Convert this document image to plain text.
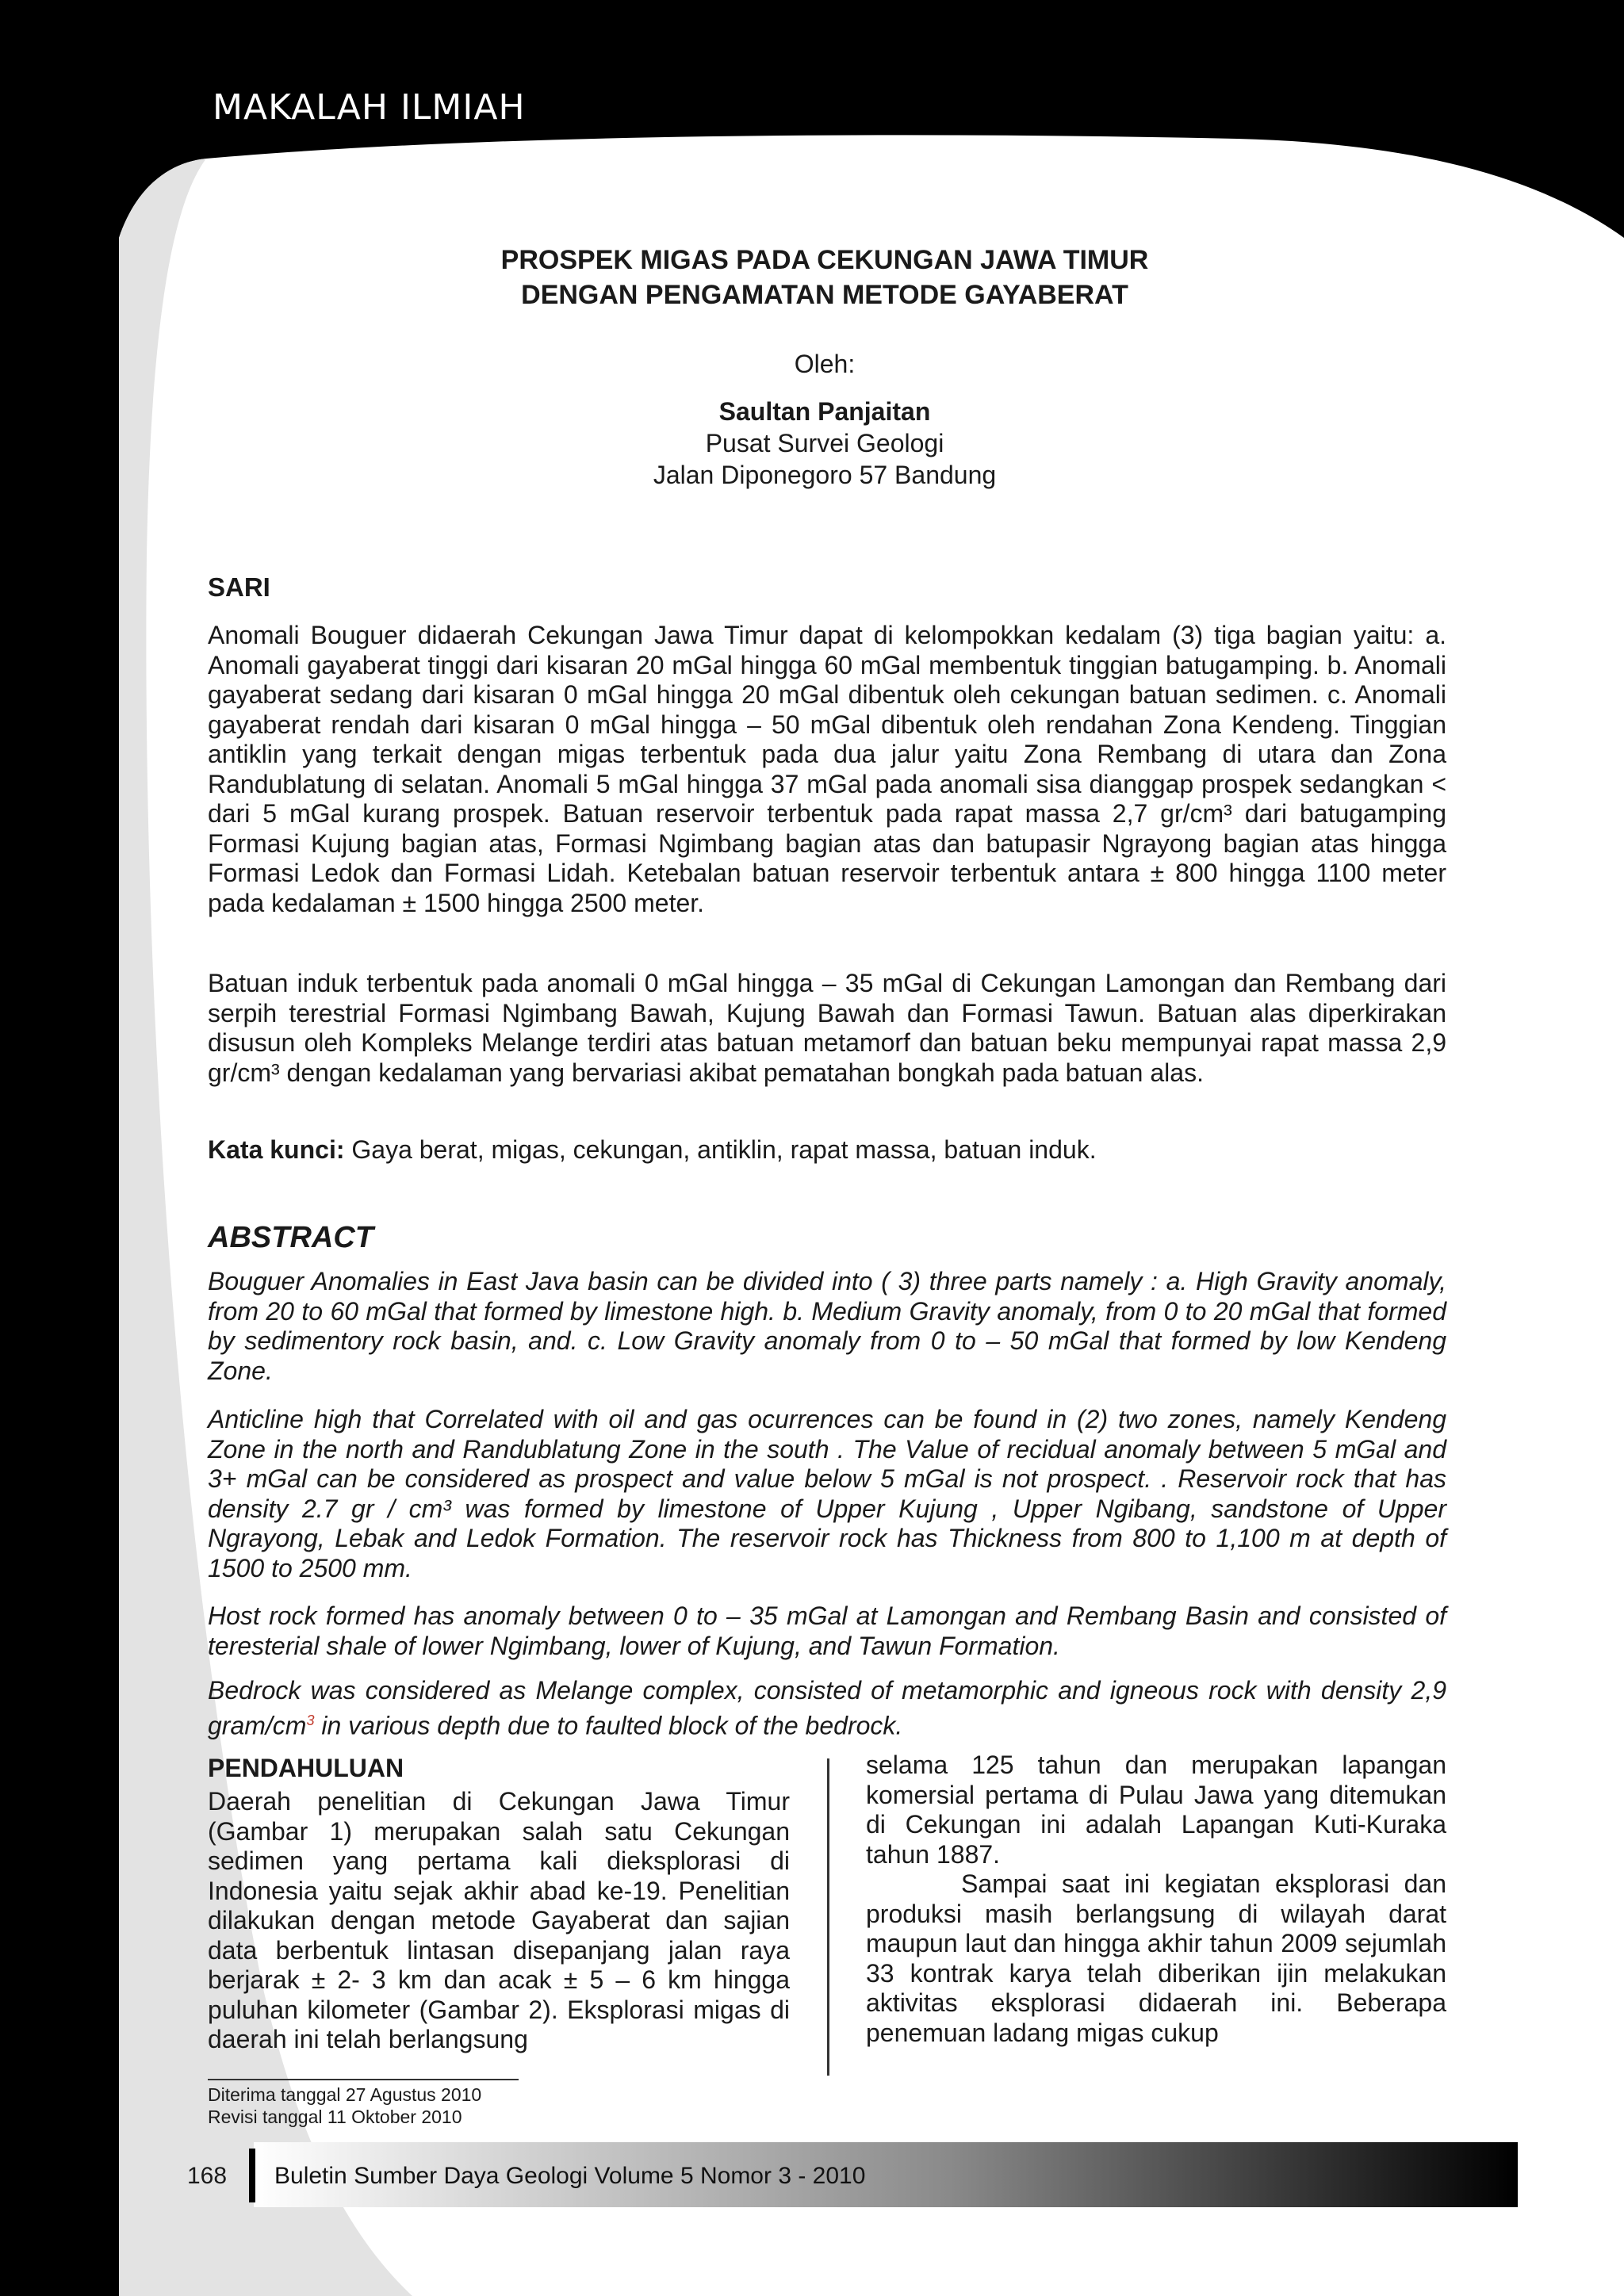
MAKALAH ILMIAH
PROSPEK MIGAS PADA CEKUNGAN JAWA TIMUR
DENGAN PENGAMATAN METODE GAYABERAT
Oleh:
Saultan Panjaitan
Pusat Survei Geologi
Jalan Diponegoro 57 Bandung
SARI

Anomali Bouguer didaerah Cekungan Jawa Timur dapat di kelompokkan kedalam (3) tiga bagian yaitu: a. Anomali gayaberat tinggi dari kisaran 20 mGal hingga 60 mGal membentuk tinggian batugamping. b. Anomali gayaberat sedang dari kisaran 0 mGal hingga 20 mGal dibentuk oleh cekungan batuan sedimen. c. Anomali gayaberat rendah dari kisaran 0 mGal hingga – 50 mGal dibentuk oleh rendahan Zona Kendeng. Tinggian antiklin yang terkait dengan migas terbentuk pada dua jalur yaitu Zona Rembang di utara dan Zona Randublatung di selatan. Anomali 5 mGal hingga 37 mGal pada anomali sisa dianggap prospek sedangkan < dari 5 mGal kurang prospek. Batuan reservoir terbentuk pada rapat massa 2,7 gr/cm³ dari batugamping Formasi Kujung bagian atas, Formasi Ngimbang bagian atas dan batupasir Ngrayong bagian atas hingga Formasi Ledok dan Formasi Lidah. Ketebalan batuan reservoir terbentuk antara ± 800 hingga 1100 meter pada kedalaman ± 1500 hingga 2500 meter.

Batuan induk terbentuk pada anomali 0 mGal hingga – 35 mGal di Cekungan Lamongan dan Rembang dari serpih terestrial Formasi Ngimbang Bawah, Kujung Bawah dan Formasi Tawun. Batuan alas diperkirakan disusun oleh Kompleks Melange terdiri atas batuan metamorf dan batuan beku mempunyai rapat massa 2,9 gr/cm³ dengan kedalaman yang bervariasi akibat pematahan bongkah pada batuan alas.

Kata kunci: Gaya berat, migas, cekungan, antiklin, rapat massa, batuan induk.

ABSTRACT

Bouguer Anomalies in East Java basin can be divided into ( 3) three parts namely : a. High Gravity anomaly, from 20 to 60 mGal that formed by limestone high. b. Medium Gravity anomaly, from 0 to 20 mGal that formed by sedimentory rock basin, and. c. Low Gravity anomaly from 0 to – 50 mGal that formed by low Kendeng Zone.

Anticline high that Correlated with oil and gas ocurrences can be found in (2) two zones, namely Kendeng Zone in the north and Randublatung Zone in the south . The Value of recidual anomaly between 5 mGal and 3+ mGal can be considered as prospect and value below 5 mGal is not prospect. . Reservoir rock that has density 2.7 gr / cm³ was formed by limestone of Upper Kujung , Upper Ngibang, sandstone of Upper Ngrayong, Lebak and Ledok Formation. The reservoir rock has Thickness from 800 to 1,100 m at depth of 1500 to 2500 mm.

Host rock formed has anomaly between 0 to – 35 mGal at Lamongan and Rembang Basin and consisted of teresterial shale of lower Ngimbang, lower of Kujung, and Tawun Formation.

Bedrock was considered as Melange complex, consisted of metamorphic and igneous rock with density 2,9 gram/$cm^3$ in various depth due to faulted block of the bedrock.

PENDAHULUAN

Daerah penelitian di Cekungan Jawa Timur (Gambar 1) merupakan salah satu Cekungan sedimen yang pertama kali dieksplorasi di Indonesia yaitu sejak akhir abad ke-19. Penelitian dilakukan dengan metode Gayaberat dan sajian data berbentuk lintasan disepanjang jalan raya berjarak ± 2- 3 km dan acak ± 5 – 6 km hingga puluhan kilometer (Gambar 2). Eksplorasi migas di daerah ini telah berlangsung

selama 125 tahun dan merupakan lapangan komersial pertama di Pulau Jawa yang ditemukan di Cekungan ini adalah Lapangan Kuti-Kuraka tahun 1887.

Sampai saat ini kegiatan eksplorasi dan produksi masih berlangsung di wilayah darat maupun laut dan hingga akhir tahun 2009 sejumlah 33 kontrak karya telah diberikan ijin melakukan aktivitas eksplorasi didaerah ini. Beberapa penemuan ladang migas cukup

Diterima tanggal 27 Agustus 2010
Revisi tanggal 11 Oktober 2010
168 Buletin Sumber Daya Geologi Volume 5 Nomor 3 - 2010
